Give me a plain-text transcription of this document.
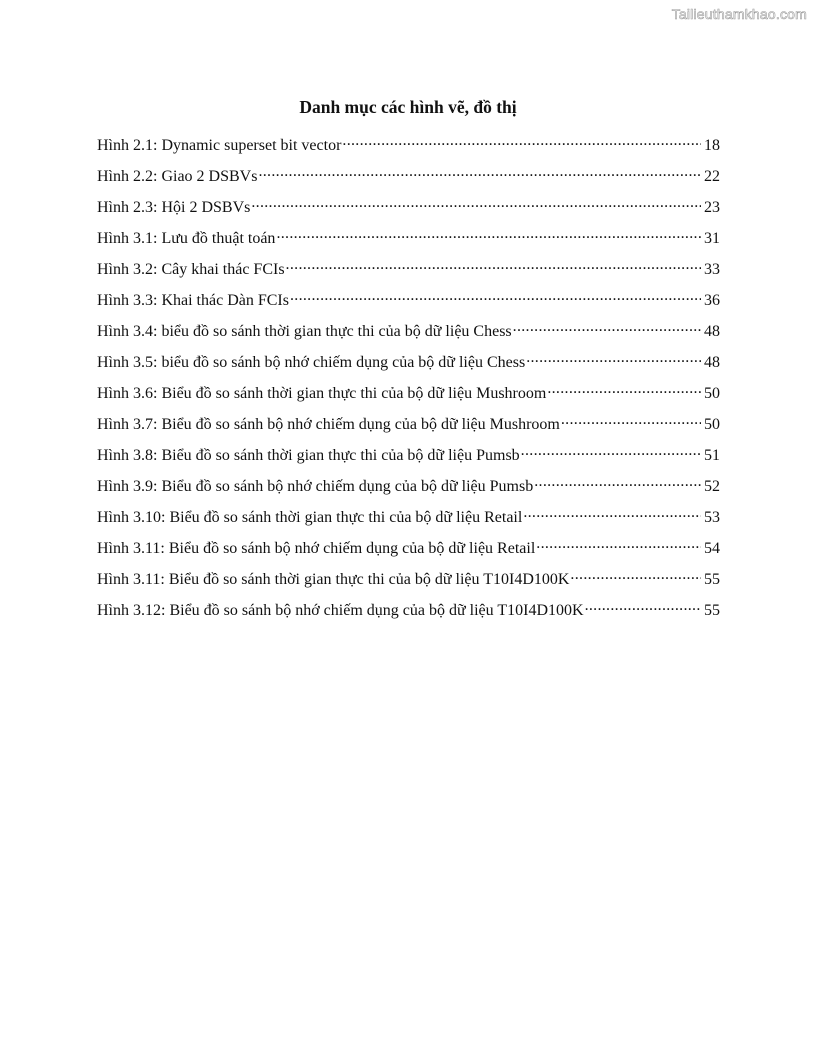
Tailieuthamkhao.com
Danh mục các hình vẽ, đồ thị
Hình 2.1: Dynamic superset bit vector .....	18
Hình 2.2: Giao 2 DSBVs .....	22
Hình 2.3: Hội 2 DSBVs .....	23
Hình 3.1: Lưu đồ thuật toán .....	31
Hình 3.2: Cây khai thác FCIs .....	33
Hình 3.3: Khai thác Dàn FCIs .....	36
Hình 3.4: biểu đồ so sánh thời gian thực thi của bộ dữ liệu Chess .....	48
Hình 3.5: biểu đồ so sánh bộ nhớ chiếm dụng của bộ dữ liệu Chess .....	48
Hình 3.6: Biểu đồ so sánh thời gian thực thi của bộ dữ liệu Mushroom .....	50
Hình 3.7: Biểu đồ so sánh bộ nhớ chiếm dụng của bộ dữ liệu Mushroom .....	50
Hình 3.8: Biểu đồ so sánh thời gian thực thi của bộ dữ liệu Pumsb .....	51
Hình 3.9: Biểu đồ so sánh bộ nhớ chiếm dụng của bộ dữ liệu Pumsb .....	52
Hình 3.10: Biểu đồ so sánh thời gian thực thi của bộ dữ liệu Retail .....	53
Hình 3.11: Biểu đồ so sánh bộ nhớ chiếm dụng của bộ dữ liệu Retail .....	54
Hình 3.11: Biểu đồ so sánh thời gian thực thi của bộ dữ liệu T10I4D100K .....	55
Hình 3.12: Biểu đồ so sánh bộ nhớ chiếm dụng của bộ dữ liệu T10I4D100K .....	55
